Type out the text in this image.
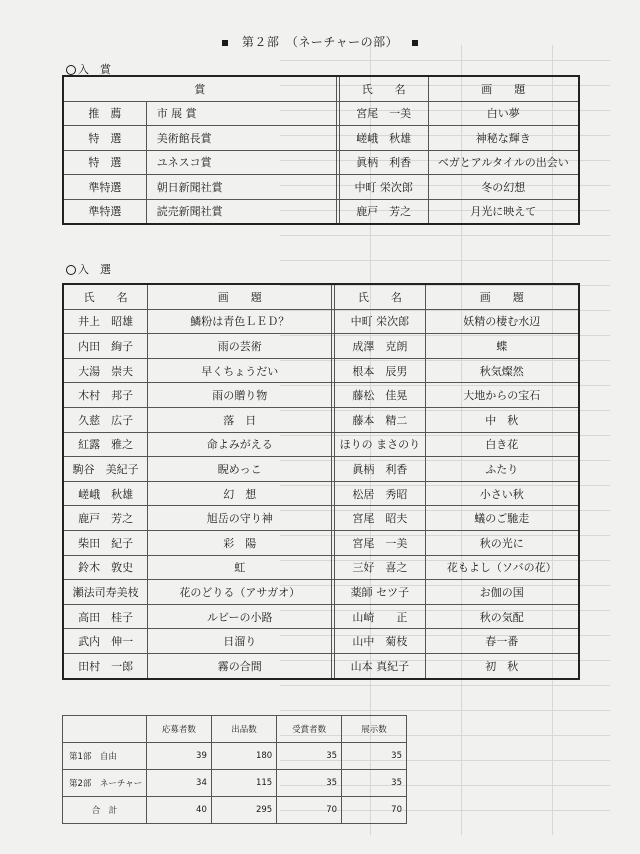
第２部　（ネーチャーの部）
入　賞
賞			氏　　名	画　　題
推　薦	市 展 賞		宮尾　一美	白い夢
特　選	美術館長賞		嵯峨　秋雄	神秘な輝き
特　選	ユネスコ賞		眞柄　利香	ベガとアルタイルの出会い
準特選	朝日新聞社賞		中町 栄次郎	冬の幻想
準特選	読売新聞社賞		鹿戸　芳之	月光に映えて
入　選
氏　　名	画　　題		氏　　名	画　　題
井上　昭雄	鱗粉は青色ＬＥＤ？		中町 栄次郎	妖精の棲む水辺
内田　絢子	雨の芸術		成澤　克朗	蝶
大湯　崇夫	早くちょうだい		根本　辰男	秋気燦然
木村　邦子	雨の贈り物		藤松　佳晃	大地からの宝石
久慈　広子	落　日		藤本　精二	中　秋
紅露　雅之	命よみがえる		ほりの まさのり	白き花
駒谷　美紀子	睨めっこ		眞柄　利香	ふたり
嵯峨　秋雄	幻　想		松居　秀昭	小さい秋
鹿戸　芳之	旭岳の守り神		宮尾　昭夫	蟻のご馳走
柴田　紀子	彩　陽		宮尾　一美	秋の光に
鈴木　敦史	虹		三好　喜之	花もよし（ソバの花）
瀬法司寿美枝	花のどりる（アサガオ）		薬師 セツ子	お伽の国
高田　桂子	ルビーの小路		山崎　　正	秋の気配
武内　伸一	日溜り		山中　菊枝	春一番
田村　一郎	霧の合間		山本 真紀子	初　秋
	応募者数	出品数	受賞者数	展示数
第1部　自由	39	180	35	35
第2部　ネーチャー	34	115	35	35
合　計	40	295	70	70
